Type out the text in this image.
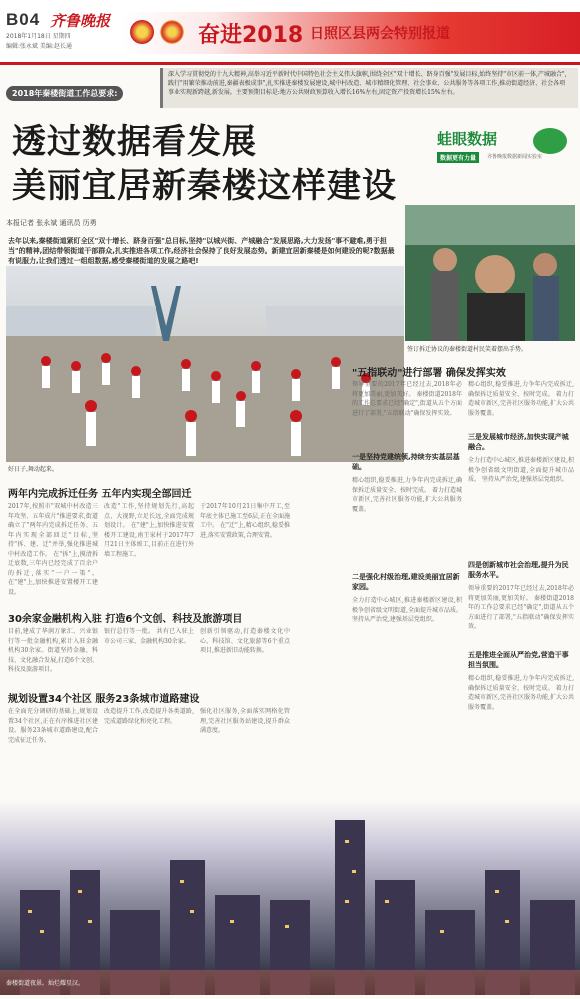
B04 齐鲁晚报
2018年1月18日 星期四
编辑:张永斌 美编:赵长通	奋进2018 日照区县两会特别报道
2018年秦楼街道工作总要求:
深入学习贯彻党的十九大精神,高举习近平新时代中国特色社会主义伟大旗帜,围绕全区"双十增长、跻身百强"发展目标,始终坚持"市区前一体,产城融合",践行"用繁荣推动前进,秦疆表极成事",扎实推进秦楼发展建设,城中村改造、城市精细化管理、社会事业、公共服务等各项工作,推动街道经济、社会各项事业实现新跨越,新发展。主要预期目标是:地方公共财政预算收入增长16%左右,固定资产投资增长15%左右。
透过数据看发展
美丽宜居新秦楼这样建设
蛙眼数据
数据更有力量	齐鲁晚报数据新闻实验室
本报记者 张永斌 通讯员 历勇
去年以来,秦楼街道紧盯全区"双十增长、跻身百强"总目标,坚持"以城兴街、产城融合"发展思路,大力发扬"事不避难,勇于担当"的精神,团结带领街道干部群众,扎实推进各项工作,经济社会保持了良好发展态势。新建宜居新秦楼是如何建设的呢?数据最有说服力,让我们透过一组组数据,感受秦楼街道的发展之路吧!
好日子,舞动起来。
签订拆迁协议的秦楼街道村民笑着摆出手势。
两年内完成拆迁任务 五年内实现全部回迁
2017年,按照市"双城中村改造三年攻坚、五年成片"推进要求,街道确立了"两年内完成拆迁任务、五年内实现全部回迁"目标,坚持"拆、建、迁"并举,强化推进城中村改造工作。 在"拆"上,摸清拆迁底数,三年内已经完成了百余户的拆迁,落实"一户一策"。 在"建"上,加快推进安置楼开工建设。
改造"工作,坚持规划先行,高起点、大视野,立足长远,全面完成规划设计。 在"建"上,加快推进安置楼开工建设,南王家村于2017年7月21日主体竣工,目前正在进行外墙工程施工。
于2017年10月21日集中开工,至年底主体已施工至6层,正在全面施工中。 在"迁"上,精心组织,稳妥推进,落实安置政策,合理安置。
30余家金融机构入驻 打造6个文创、科技及旅游项目
目前,建成了华润万象汇、兴业银行等一批金融机构,累计入驻金融机构30余家。街道坚持金融、科技、文化融合发展,打造6个文创、科技及旅游项目。
银行总行等一批。 共有已入驻上市公司三家、金融机构30余家。
创新引领驱动,打造秦楼文化中心、科技馆、文化旅游等6个重点项目,推进新旧动能转换。
规划设置34个社区 服务23条城市道路建设
在全面充分调研的基础上,规划设置34个社区,正在有序推进社区建设。服务23条城市道路建设,配合完成征迁任务。
改造提升工作,改造提升各类道路,完成道路绿化和亮化工程。
强化社区服务,全面落实网格化管理,完善社区服务站建设,提升群众满意度。
"五指联动"进行部署 确保发挥实效
领导重要的2017年已经过去,2018年必将更加美丽,更加美好。 秦楼街道2018年的工作总要求已经"确定",街道从五个方面进行了部署,"五指联动"确保发挥实效。
一是坚持党建统领,持续夯实基层基础。
精心组织,稳妥推进,力争年内完成拆迁,确保拆迁质量安全、按时完成。 着力打造城市新区,完善社区服务功能,扩大公共服务覆盖。
二是强化村级治理,建设美丽宜居新家园。
全力打造中心城区,推进秦楼新区建设,积极争创省级文明街道,全面提升城市品质。 坚持从严治党,建强基层党组织。
精心组织,稳妥推进,力争年内完成拆迁,确保拆迁质量安全、按时完成。 着力打造城市新区,完善社区服务功能,扩大公共服务覆盖。
三是发展城市经济,加快实现产城融合。
全力打造中心城区,推进秦楼新区建设,积极争创省级文明街道,全面提升城市品质。 坚持从严治党,建强基层党组织。
四是创新城市社会治理,提升为民服务水平。
领导重要的2017年已经过去,2018年必将更加美丽,更加美好。 秦楼街道2018年的工作总要求已经"确定",街道从五个方面进行了部署,"五指联动"确保发挥实效。
五是推进全面从严治党,营造干事担当氛围。
精心组织,稳妥推进,力争年内完成拆迁,确保拆迁质量安全、按时完成。 着力打造城市新区,完善社区服务功能,扩大公共服务覆盖。
秦楼街道夜景。灿烂耀星汉。
